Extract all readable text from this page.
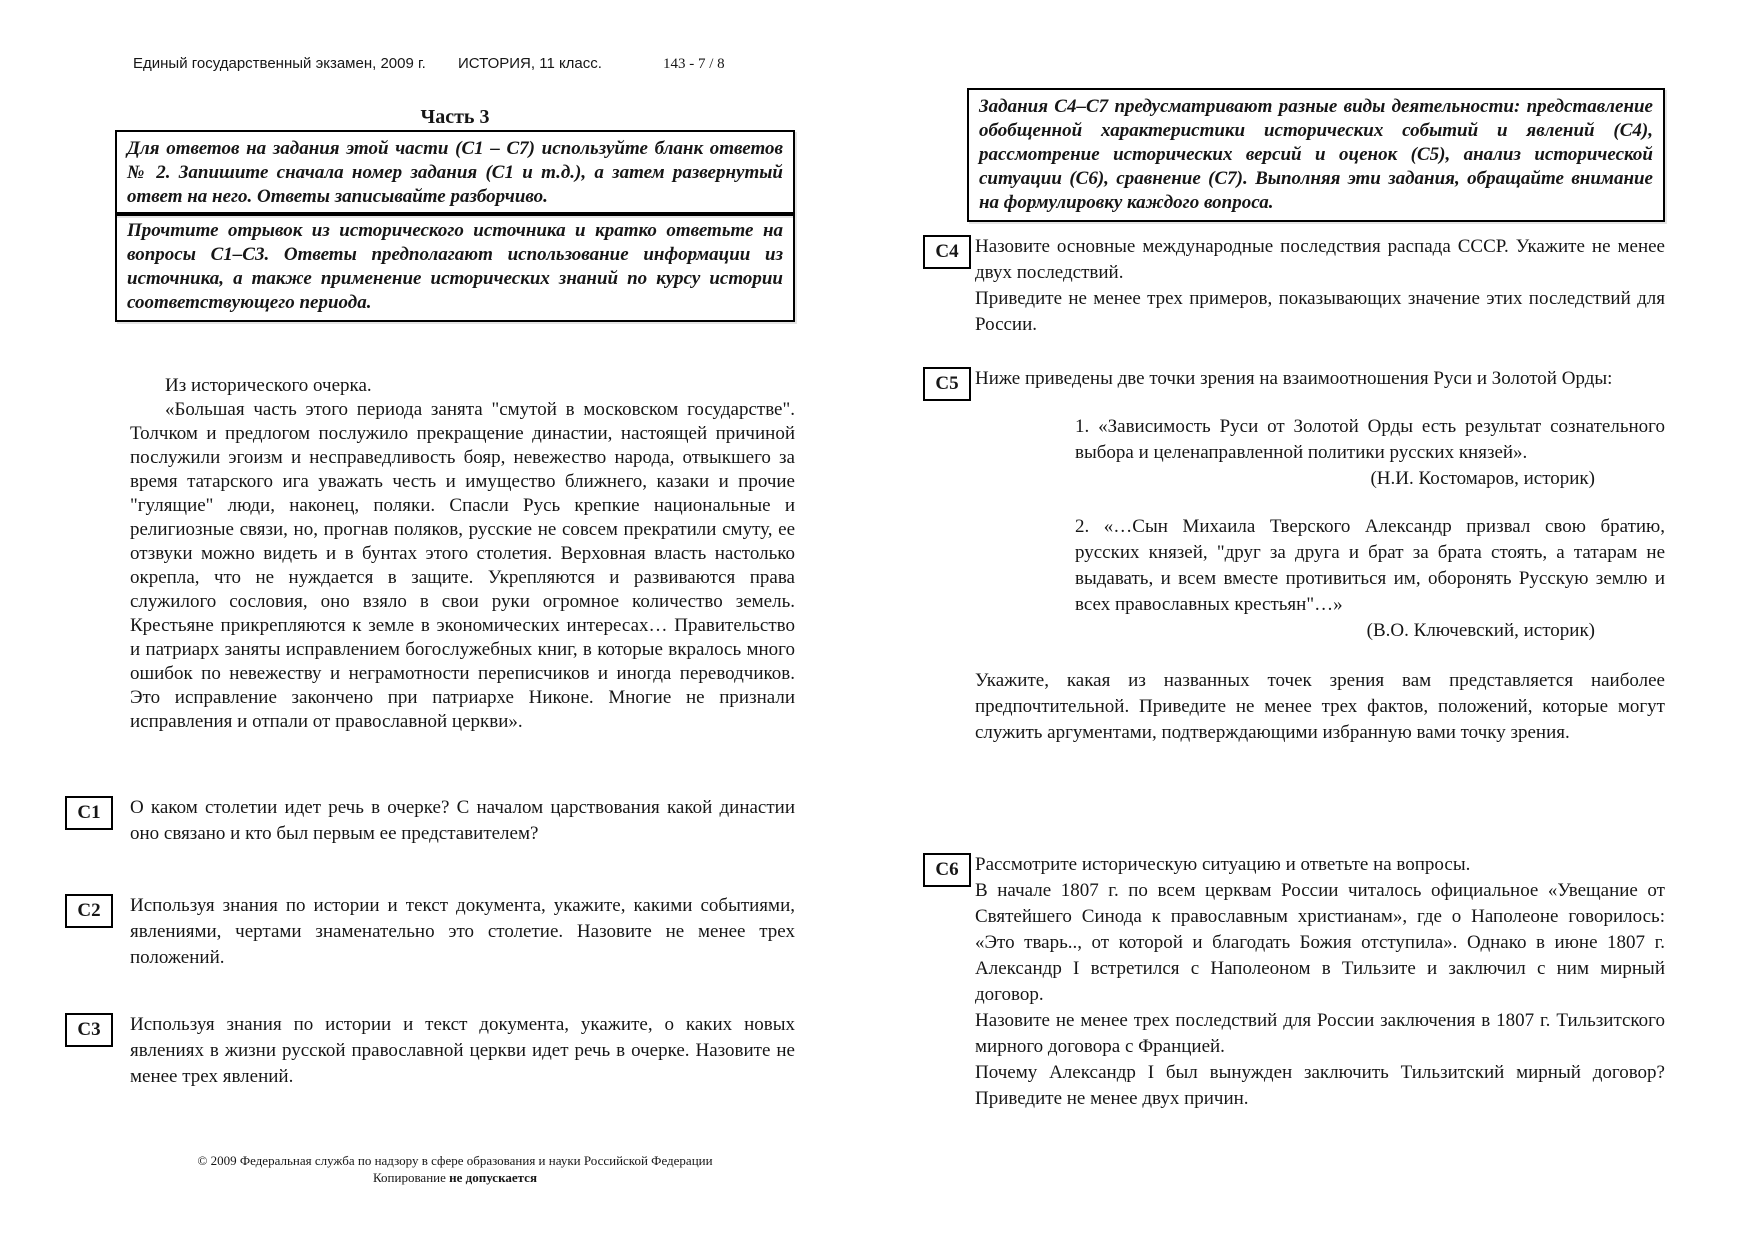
Единый государственный экзамен, 2009 г. ИСТОРИЯ, 11 класс.	143 - 7 / 8
Часть 3
Для ответов на задания этой части (С1 – С7) используйте бланк ответов № 2. Запишите сначала номер задания (С1 и т.д.), а затем развернутый ответ на него. Ответы записывайте разборчиво.
Прочтите отрывок из исторического источника и кратко ответьте на вопросы С1–С3. Ответы предполагают использование информации из источника, а также применение исторических знаний по курсу истории соответствующего периода.

Из исторического очерка.

«Большая часть этого периода занята "смутой в московском государстве". Толчком и предлогом послужило прекращение династии, настоящей причиной послужили эгоизм и несправедливость бояр, невежество народа, отвыкшего за время татарского ига уважать честь и имущество ближнего, казаки и прочие "гулящие" люди, наконец, поляки. Спасли Русь крепкие национальные и религиозные связи, но, прогнав поляков, русские не совсем прекратили смуту, ее отзвуки можно видеть и в бунтах этого столетия. Верховная власть настолько окрепла, что не нуждается в защите. Укрепляются и развиваются права служилого сословия, оно взяло в свои руки огромное количество земель. Крестьяне прикрепляются к земле в экономических интересах… Правительство и патриарх заняты исправлением богослужебных книг, в которые вкралось много ошибок по невежеству и неграмотности переписчиков и иногда переводчиков. Это исправление закончено при патриархе Никоне. Многие не признали исправления и отпали от православной церкви».

С1	О каком столетии идет речь в очерке? С началом царствования какой династии оно связано и кто был первым ее представителем?
С2	Используя знания по истории и текст документа, укажите, какими событиями, явлениями, чертами знаменательно это столетие. Назовите не менее трех положений.
С3	Используя знания по истории и текст документа, укажите, о каких новых явлениях в жизни русской православной церкви идет речь в очерке. Назовите не менее трех явлений.
© 2009 Федеральная служба по надзору в сфере образования и науки Российской Федерации
Копирование не допускается
Задания С4–С7 предусматривают разные виды деятельности: представление обобщенной характеристики исторических событий и явлений (С4), рассмотрение исторических версий и оценок (С5), анализ исторической ситуации (С6), сравнение (С7). Выполняя эти задания, обращайте внимание на формулировку каждого вопроса.
С4 Назовите основные международные последствия распада СССР. Укажите не менее двух последствий.

Приведите не менее трех примеров, показывающих значение этих последствий для России.

С5 Ниже приведены две точки зрения на взаимоотношения Руси и Золотой Орды:

1. «Зависимость Руси от Золотой Орды есть результат сознательного выбора и целенаправленной политики русских князей».

(Н.И. Костомаров, историк)

2. «…Сын Михаила Тверского Александр призвал свою братию, русских князей, "друг за друга и брат за брата стоять, а татарам не выдавать, и всем вместе противиться им, оборонять Русскую землю и всех православных крестьян"…»

(В.О. Ключевский, историк)

Укажите, какая из названных точек зрения вам представляется наиболее предпочтительной. Приведите не менее трех фактов, положений, которые могут служить аргументами, подтверждающими избранную вами точку зрения.

С6 Рассмотрите историческую ситуацию и ответьте на вопросы.

В начале 1807 г. по всем церквам России читалось официальное «Увещание от Святейшего Синода к православным христианам», где о Наполеоне говорилось: «Это тварь.., от которой и благодать Божия отступила». Однако в июне 1807 г. Александр I встретился с Наполеоном в Тильзите и заключил с ним мирный договор.

Назовите не менее трех последствий для России заключения в 1807 г. Тильзитского мирного договора с Францией.

Почему Александр I был вынужден заключить Тильзитский мирный договор? Приведите не менее двух причин.
